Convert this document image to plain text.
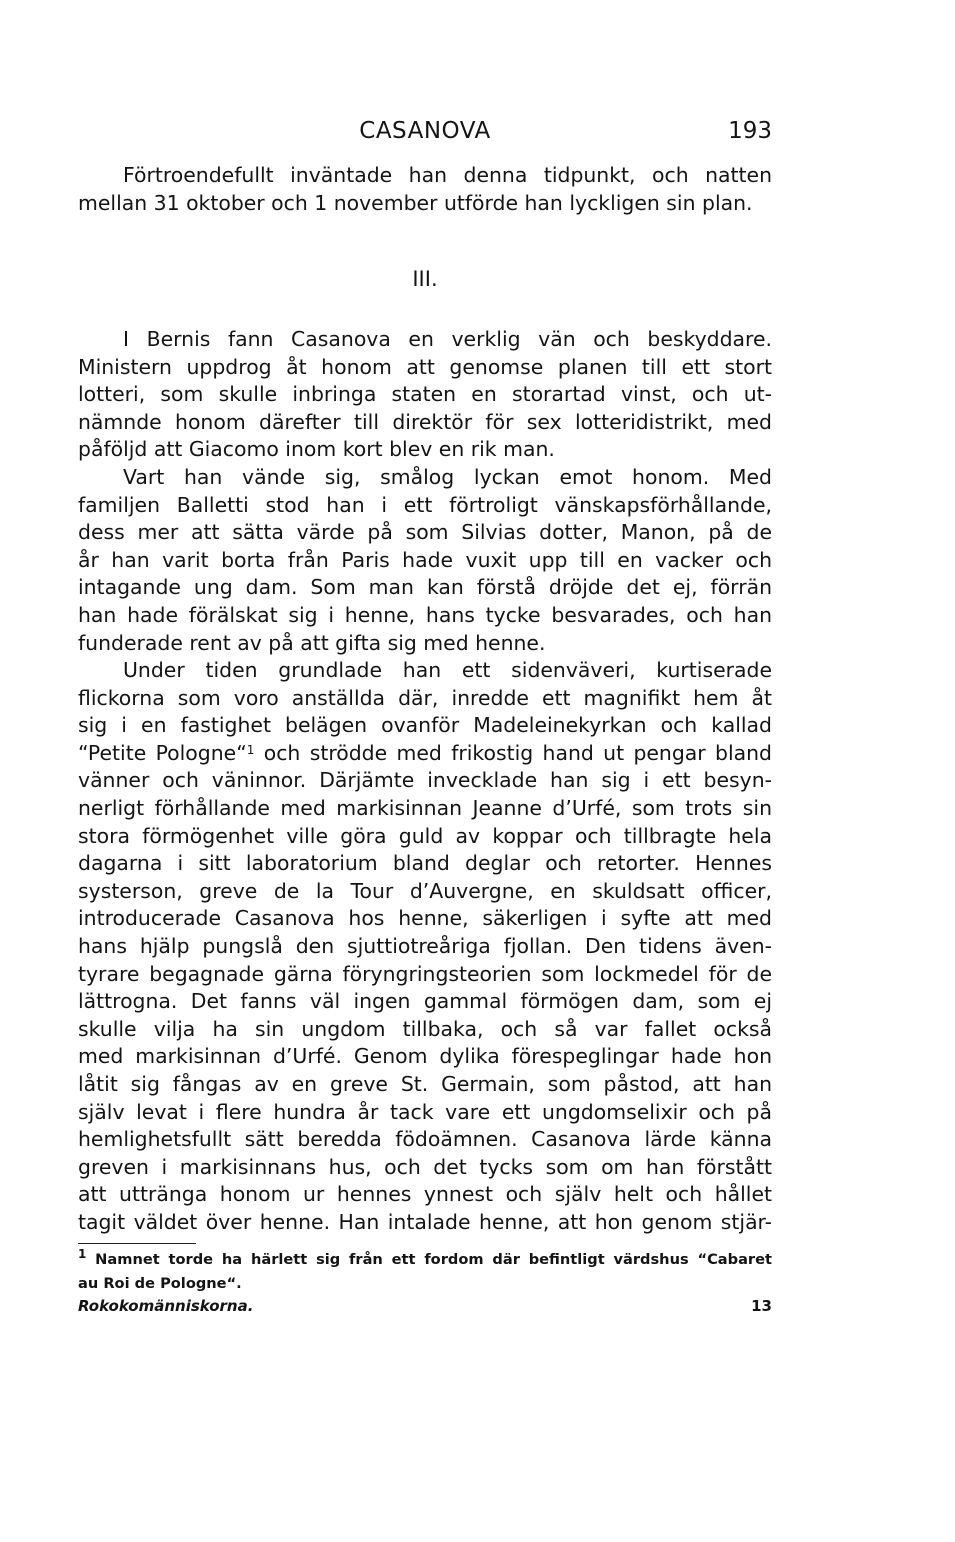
CASANOVA	193
Förtroendefullt inväntade han denna tidpunkt, och natten
mellan 31 oktober och 1 november utförde han lyckligen sin plan.
III.
I Bernis fann Casanova en verklig vän och beskyddare.
Ministern uppdrog åt honom att genomse planen till ett stort
lotteri, som skulle inbringa staten en storartad vinst, och ut-
nämnde honom därefter till direktör för sex lotteridistrikt, med
påföljd att Giacomo inom kort blev en rik man.
Vart han vände sig, smålog lyckan emot honom. Med
familjen Balletti stod han i ett förtroligt vänskapsförhållande,
dess mer att sätta värde på som Silvias dotter, Manon, på de
år han varit borta från Paris hade vuxit upp till en vacker och
intagande ung dam. Som man kan förstå dröjde det ej, förrän
han hade förälskat sig i henne, hans tycke besvarades, och han
funderade rent av på att gifta sig med henne.
Under tiden grundlade han ett sidenväveri, kurtiserade
flickorna som voro anställda där, inredde ett magnifikt hem åt
sig i en fastighet belägen ovanför Madeleinekyrkan och kallad
“Petite Pologne“$^1$ och strödde med frikostig hand ut pengar bland
vänner och väninnor. Därjämte invecklade han sig i ett besyn-
nerligt förhållande med markisinnan Jeanne d’Urfé, som trots sin
stora förmögenhet ville göra guld av koppar och tillbragte hela
dagarna i sitt laboratorium bland deglar och retorter. Hennes
systerson, greve de la Tour d’Auvergne, en skuldsatt officer,
introducerade Casanova hos henne, säkerligen i syfte att med
hans hjälp pungslå den sjuttiotreåriga fjollan. Den tidens även-
tyrare begagnade gärna föryngringsteorien som lockmedel för de
lättrogna. Det fanns väl ingen gammal förmögen dam, som ej
skulle vilja ha sin ungdom tillbaka, och så var fallet också
med markisinnan d’Urfé. Genom dylika förespeglingar hade hon
låtit sig fångas av en greve St. Germain, som påstod, att han
själv levat i flere hundra år tack vare ett ungdomselixir och på
hemlighetsfullt sätt beredda födoämnen. Casanova lärde känna
greven i markisinnans hus, och det tycks som om han förstått
att uttränga honom ur hennes ynnest och själv helt och hållet
tagit väldet över henne. Han intalade henne, att hon genom stjär-
$^1$ Namnet torde ha härlett sig från ett fordom där befintligt värdshus “Cabaret
au Roi de Pologne“.
Rokokomänniskorna.	13
